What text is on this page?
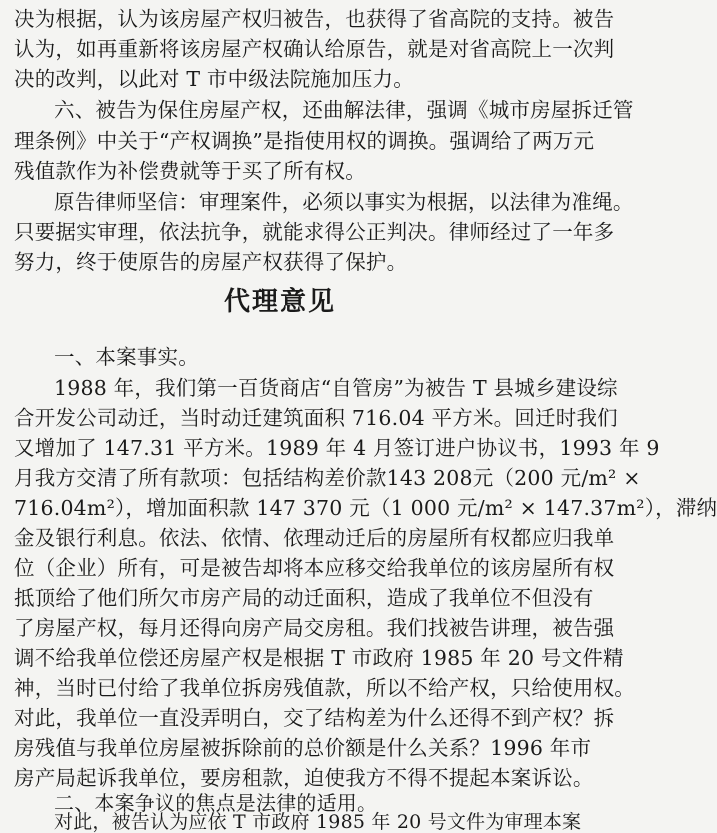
决为根据，认为该房屋产权归被告，也获得了省高院的支持。被告
认为，如再重新将该房屋产权确认给原告，就是对省高院上一次判
决的改判，以此对 T 市中级法院施加压力。
六、被告为保住房屋产权，还曲解法律，强调《城市房屋拆迁管
理条例》中关于“产权调换”是指使用权的调换。强调给了两万元
残值款作为补偿费就等于买了所有权。
原告律师坚信：审理案件，必须以事实为根据，以法律为准绳。
只要据实审理，依法抗争，就能求得公正判决。律师经过了一年多
努力，终于使原告的房屋产权获得了保护。
代理意见
一、本案事实。
1988 年，我们第一百货商店“自管房”为被告 T 县城乡建设综
合开发公司动迁，当时动迁建筑面积 716.04 平方米。回迁时我们
又增加了 147.31 平方米。1989 年 4 月签订进户协议书，1993 年 9
月我方交清了所有款项：包括结构差价款143 208元（200 元/m² ×
716.04m²），增加面积款 147 370 元（1 000 元/m² × 147.37m²），滞纳
金及银行利息。依法、依情、依理动迁后的房屋所有权都应归我单
位（企业）所有，可是被告却将本应移交给我单位的该房屋所有权
抵顶给了他们所欠市房产局的动迁面积，造成了我单位不但没有
了房屋产权，每月还得向房产局交房租。我们找被告讲理，被告强
调不给我单位偿还房屋产权是根据 T 市政府 1985 年 20 号文件精
神，当时已付给了我单位拆房残值款，所以不给产权，只给使用权。
对此，我单位一直没弄明白，交了结构差为什么还得不到产权？拆
房残值与我单位房屋被拆除前的总价额是什么关系？1996 年市
房产局起诉我单位，要房租款，迫使我方不得不提起本案诉讼。
二、本案争议的焦点是法律的适用。
对此，被告认为应依 T 市政府 1985 年 20 号文件为审理本案
